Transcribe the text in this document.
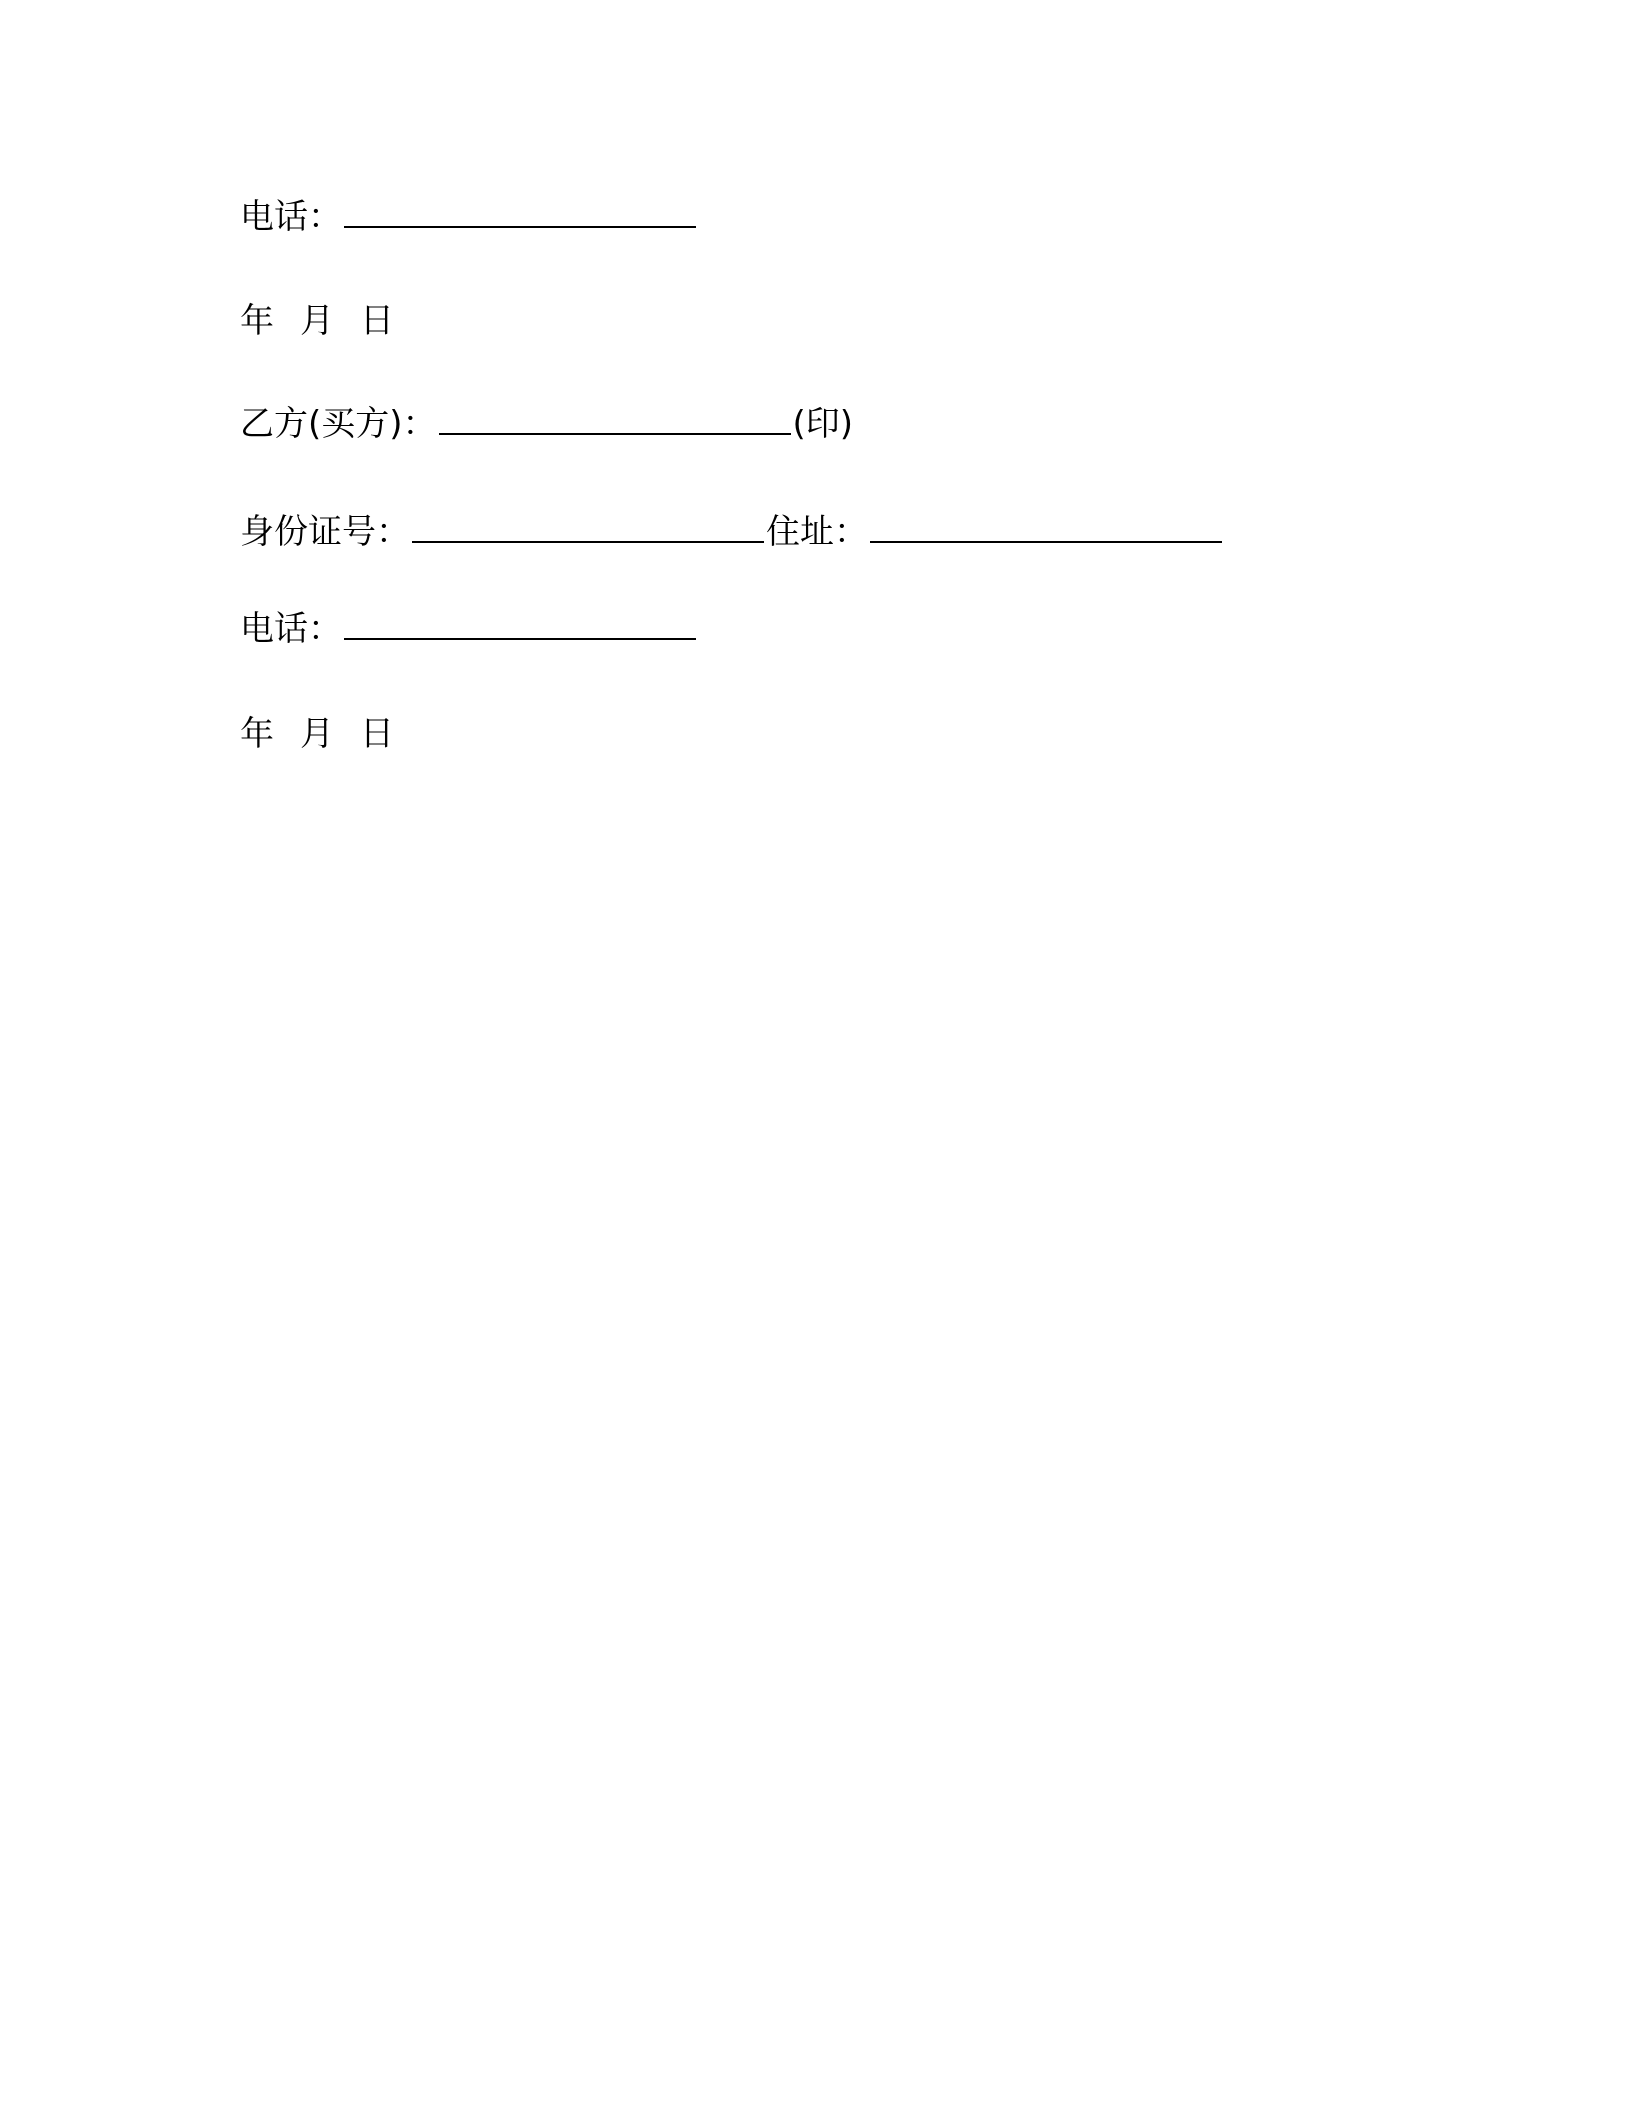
电话：
年 月 日
乙方(买方)：	(印)
身份证号：	住址：
电话：
年 月 日
